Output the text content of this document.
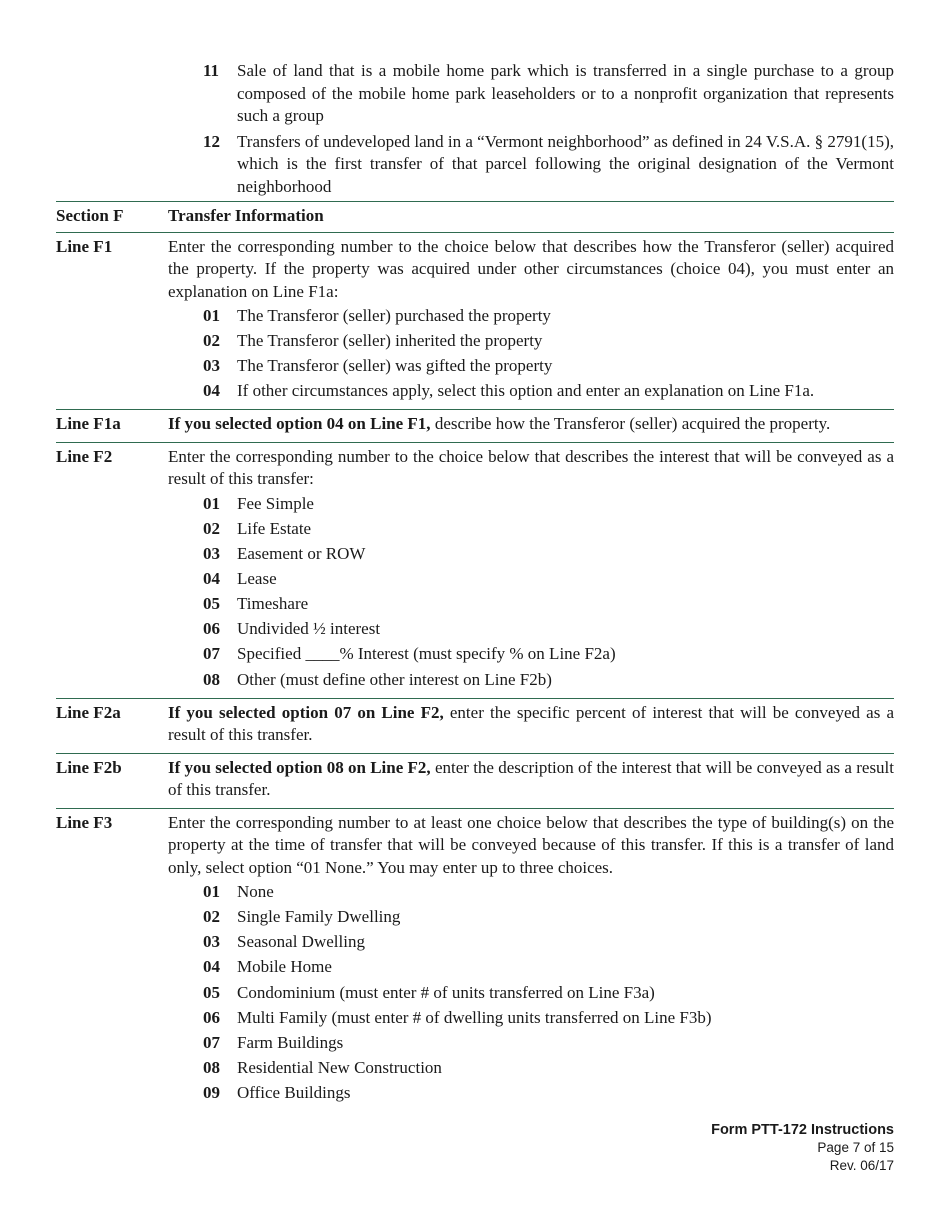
11	Sale of land that is a mobile home park which is transferred in a single purchase to a group composed of the mobile home park leaseholders or to a nonprofit organization that represents such a group
12	Transfers of undeveloped land in a “Vermont neighborhood” as defined in 24 V.S.A. § 2791(15), which is the first transfer of that parcel following the original designation of the Vermont neighborhood
Section F	Transfer Information
Line F1	Enter the corresponding number to the choice below that describes how the Transferor (seller) acquired the property. If the property was acquired under other circumstances (choice 04), you must enter an explanation on Line F1a:
01	The Transferor (seller) purchased the property
02	The Transferor (seller) inherited the property
03	The Transferor (seller) was gifted the property
04	If other circumstances apply, select this option and enter an explanation on Line F1a.
Line F1a	If you selected option 04 on Line F1, describe how the Transferor (seller) acquired the property.
Line F2	Enter the corresponding number to the choice below that describes the interest that will be conveyed as a result of this transfer:
01	Fee Simple
02	Life Estate
03	Easement or ROW
04	Lease
05	Timeshare
06	Undivided ½ interest
07	Specified ____% Interest (must specify % on Line F2a)
08	Other (must define other interest on Line F2b)
Line F2a	If you selected option 07 on Line F2, enter the specific percent of interest that will be conveyed as a result of this transfer.
Line F2b	If you selected option 08 on Line F2, enter the description of the interest that will be conveyed as a result of this transfer.
Line F3	Enter the corresponding number to at least one choice below that describes the type of building(s) on the property at the time of transfer that will be conveyed because of this transfer. If this is a transfer of land only, select option “01 None.” You may enter up to three choices.
01	None
02	Single Family Dwelling
03	Seasonal Dwelling
04	Mobile Home
05	Condominium (must enter # of units transferred on Line F3a)
06	Multi Family (must enter # of dwelling units transferred on Line F3b)
07	Farm Buildings
08	Residential New Construction
09	Office Buildings
Form PTT-172 Instructions
Page 7 of 15
Rev. 06/17
